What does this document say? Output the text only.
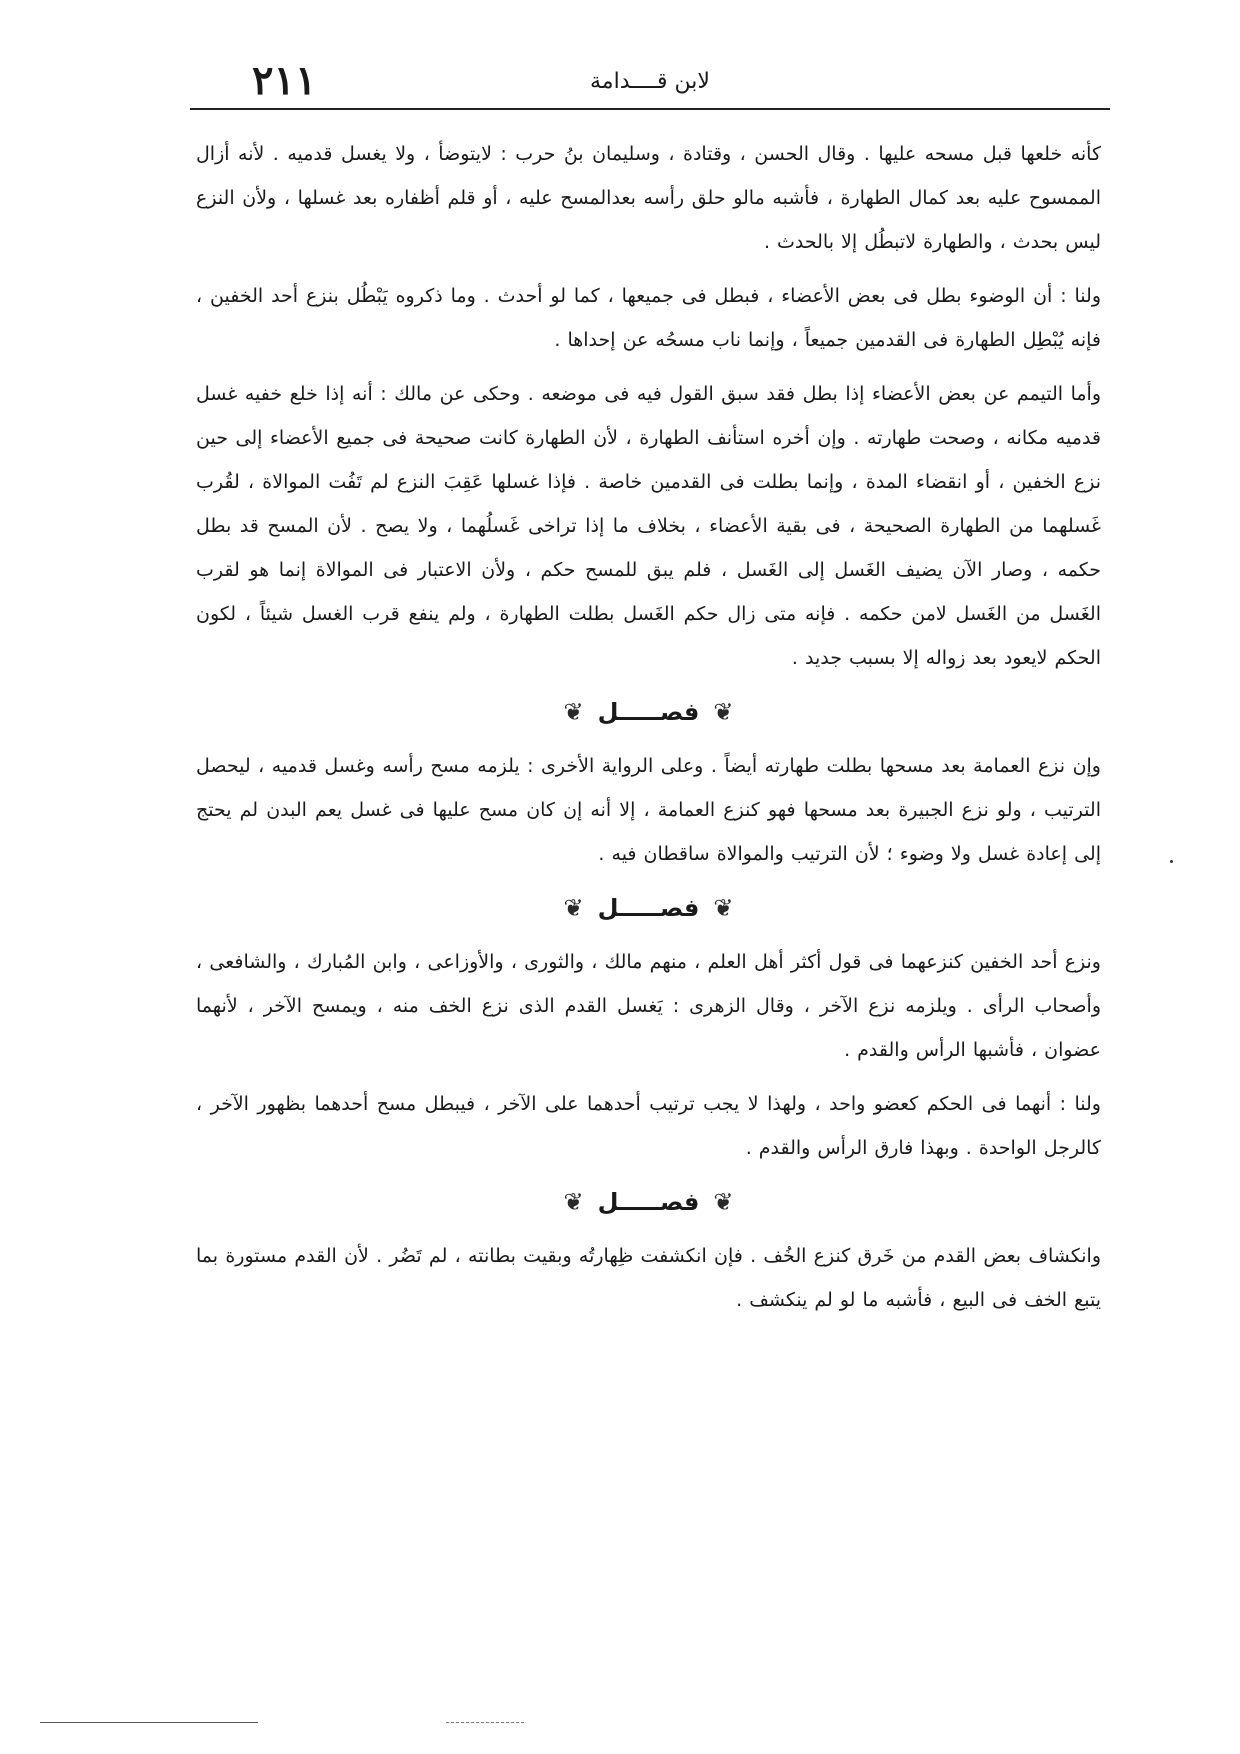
٢١١	لابن قــــدامة

كأنه خلعها قبل مسحه عليها . وقال الحسن ، وقتادة ، وسليمان بنُ حرب : لايتوضأ ، ولا يغسل قدميه . لأنه أزال الممسوح عليه بعد كمال الطهارة ، فأشبه مالو حلق رأسه بعدالمسح عليه ، أو قلم أظفاره بعد غسلها ، ولأن النزع ليس بحدث ، والطهارة لاتبطُل إلا بالحدث .

ولنا : أن الوضوء بطل فى بعض الأعضاء ، فبطل فى جميعها ، كما لو أحدث . وما ذكروه يَبْطُل بنزع أحد الخفين ، فإنه يُبْطِل الطهارة فى القدمين جميعاً ، وإنما ناب مسحُه عن إحداها .

وأما التيمم عن بعض الأعضاء إذا بطل فقد سبق القول فيه فى موضعه . وحكى عن مالك : أنه إذا خلع خفيه غسل قدميه مكانه ، وصحت طهارته . وإن أخره استأنف الطهارة ، لأن الطهارة كانت صحيحة فى جميع الأعضاء إلى حين نزع الخفين ، أو انقضاء المدة ، وإنما بطلت فى القدمين خاصة . فإذا غسلها عَقِبَ النزع لم تَفُت الموالاة ، لقُرب غَسلهما من الطهارة الصحيحة ، فى بقية الأعضاء ، بخلاف ما إذا تراخى غَسلُهما ، ولا يصح . لأن المسح قد بطل حكمه ، وصار الآن يضيف الغَسل إلى الغَسل ، فلم يبق للمسح حكم ، ولأن الاعتبار فى الموالاة إنما هو لقرب الغَسل من الغَسل لامن حكمه . فإنه متى زال حكم الغَسل بطلت الطهارة ، ولم ينفع قرب الغسل شيئاً ، لكون الحكم لايعود بعد زواله إلا بسبب جديد .

❦
فصـــــل
❦

وإن نزع العمامة بعد مسحها بطلت طهارته أيضاً . وعلى الرواية الأخرى : يلزمه مسح رأسه وغسل قدميه ، ليحصل الترتيب ، ولو نزع الجبيرة بعد مسحها فهو كنزع العمامة ، إلا أنه إن كان مسح عليها فى غسل يعم البدن لم يحتج إلى إعادة غسل ولا وضوء ؛ لأن الترتيب والموالاة ساقطان فيه .

❦
فصـــــل
❦

ونزع أحد الخفين كنزعهما فى قول أكثر أهل العلم ، منهم مالك ، والثورى ، والأوزاعى ، وابن المُبارك ، والشافعى ، وأصحاب الرأى . ويلزمه نزع الآخر ، وقال الزهرى : يَغسل القدم الذى نزع الخف منه ، ويمسح الآخر ، لأنهما عضوان ، فأشبها الرأس والقدم .

ولنا : أنهما فى الحكم كعضو واحد ، ولهذا لا يجب ترتيب أحدهما على الآخر ، فيبطل مسح أحدهما بظهور الآخر ، كالرجل الواحدة . وبهذا فارق الرأس والقدم .

❦
فصـــــل
❦

وانكشاف بعض القدم من خَرق كنزع الخُف . فإن انكشفت ظِهارتُه وبقيت بطانته ، لم تَضُر . لأن القدم مستورة بما يتبع الخف فى البيع ، فأشبه ما لو لم ينكشف .
